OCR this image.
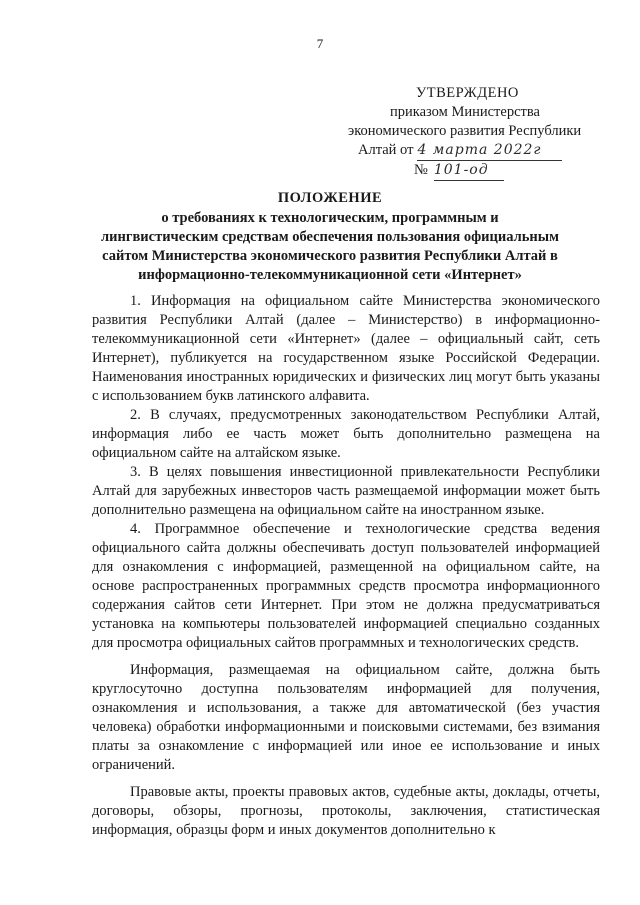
7
УТВЕРЖДЕНО
приказом Министерства
экономического развития Республики
Алтай от 4 марта 2022г
№ 101-од
ПОЛОЖЕНИЕ
о требованиях к технологическим, программным и
лингвистическим средствам обеспечения пользования официальным
сайтом Министерства экономического развития Республики Алтай в
информационно-телекоммуникационной сети «Интернет»

1. Информация на официальном сайте Министерства экономического развития Республики Алтай (далее – Министерство) в информационно-телекоммуникационной сети «Интернет» (далее – официальный сайт, сеть Интернет), публикуется на государственном языке Российской Федерации. Наименования иностранных юридических и физических лиц могут быть указаны с использованием букв латинского алфавита.

2. В случаях, предусмотренных законодательством Республики Алтай, информация либо ее часть может быть дополнительно размещена на официальном сайте на алтайском языке.

3. В целях повышения инвестиционной привлекательности Республики Алтай для зарубежных инвесторов часть размещаемой информации может быть дополнительно размещена на официальном сайте на иностранном языке.

4. Программное обеспечение и технологические средства ведения официального сайта должны обеспечивать доступ пользователей информацией для ознакомления с информацией, размещенной на официальном сайте, на основе распространенных программных средств просмотра информационного содержания сайтов сети Интернет. При этом не должна предусматриваться установка на компьютеры пользователей информацией специально созданных для просмотра официальных сайтов программных и технологических средств.

Информация, размещаемая на официальном сайте, должна быть круглосуточно доступна пользователям информацией для получения, ознакомления и использования, а также для автоматической (без участия человека) обработки информационными и поисковыми системами, без взимания платы за ознакомление с информацией или иное ее использование и иных ограничений.

Правовые акты, проекты правовых актов, судебные акты, доклады, отчеты, договоры, обзоры, прогнозы, протоколы, заключения, статистическая информация, образцы форм и иных документов дополнительно к
